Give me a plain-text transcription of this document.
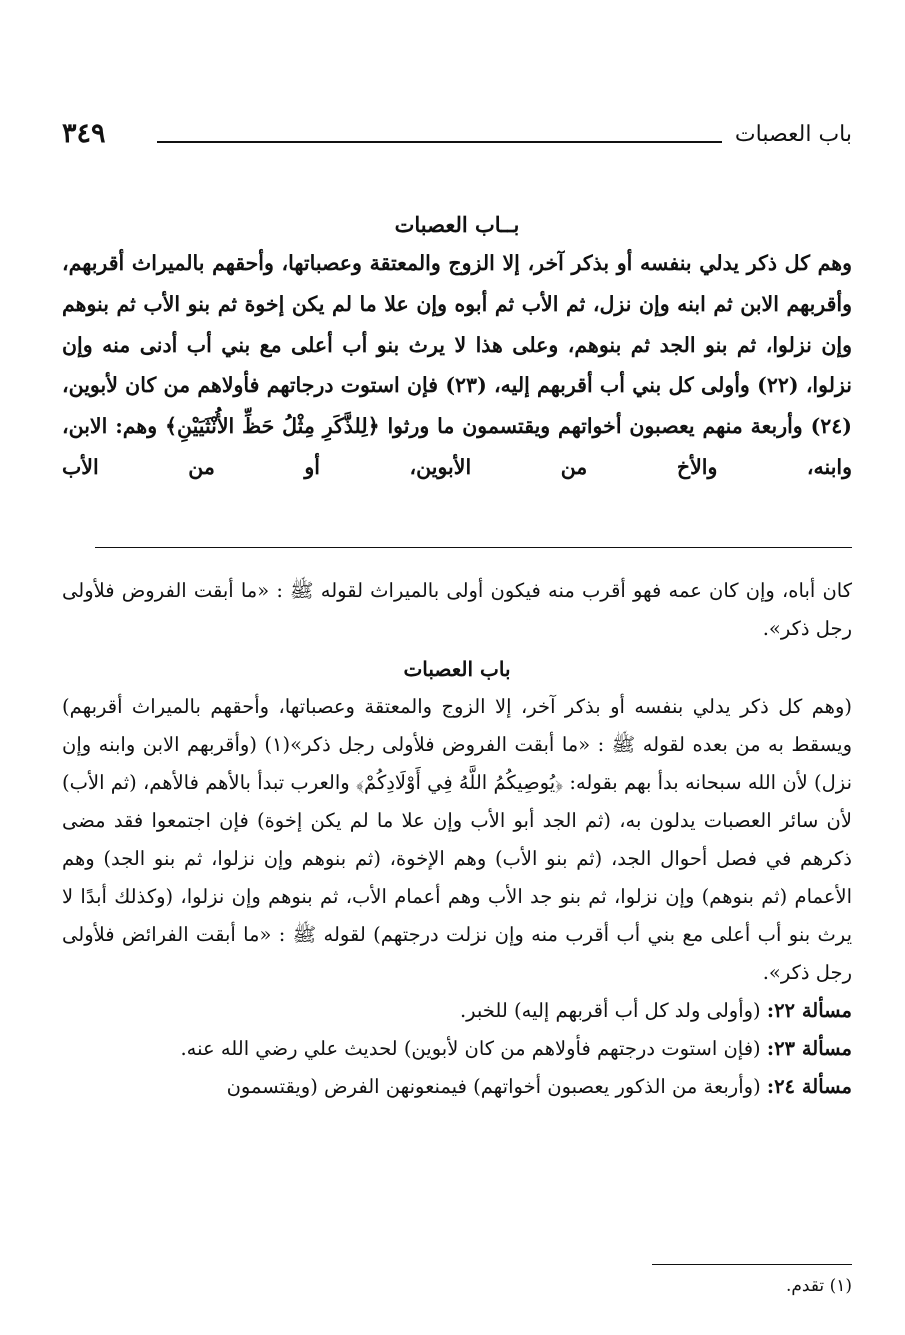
باب العصبات
٣٤٩
بــاب العصبات

وهم كل ذكر يدلي بنفسه أو بذكر آخر، إلا الزوج والمعتقة وعصباتها، وأحقهم بالميراث أقربهم، وأقربهم الابن ثم ابنه وإن نزل، ثم الأب ثم أبوه وإن علا ما لم يكن إخوة ثم بنو الأب ثم بنوهم وإن نزلوا، ثم بنو الجد ثم بنوهم، وعلى هذا لا يرث بنو أب أعلى مع بني أب أدنى منه وإن نزلوا، (٢٢) وأولى كل بني أب أقربهم إليه، (٢٣) فإن استوت درجاتهم فأولاهم من كان لأبوين، (٢٤) وأربعة منهم يعصبون أخواتهم ويقتسمون ما ورثوا ﴿لِلذَّكَرِ مِثْلُ حَظِّ الأُنْثَيَيْنِ﴾ وهم: الابن، وابنه، والأخ من الأبوين، أو من الأب

كان أباه، وإن كان عمه فهو أقرب منه فيكون أولى بالميراث لقوله ﷺ : «ما أبقت الفروض فلأولى رجل ذكر».

باب العصبات

(وهم كل ذكر يدلي بنفسه أو بذكر آخر، إلا الزوج والمعتقة وعصباتها، وأحقهم بالميراث أقربهم) ويسقط به من بعده لقوله ﷺ : «ما أبقت الفروض فلأولى رجل ذكر»(١) (وأقربهم الابن وابنه وإن نزل) لأن الله سبحانه بدأ بهم بقوله: ﴿يُوصِيكُمُ اللَّهُ فِي أَوْلَادِكُمْ﴾ والعرب تبدأ بالأهم فالأهم، (ثم الأب) لأن سائر العصبات يدلون به، (ثم الجد أبو الأب وإن علا ما لم يكن إخوة) فإن اجتمعوا فقد مضى ذكرهم في فصل أحوال الجد، (ثم بنو الأب) وهم الإخوة، (ثم بنوهم وإن نزلوا، ثم بنو الجد) وهم الأعمام (ثم بنوهم) وإن نزلوا، ثم بنو جد الأب وهم أعمام الأب، ثم بنوهم وإن نزلوا، (وكذلك أبدًا لا يرث بنو أب أعلى مع بني أب أقرب منه وإن نزلت درجتهم) لقوله ﷺ : «ما أبقت الفرائض فلأولى رجل ذكر».

مسألة ٢٢: (وأولى ولد كل أب أقربهم إليه) للخبر.

مسألة ٢٣: (فإن استوت درجتهم فأولاهم من كان لأبوين) لحديث علي رضي الله عنه.

مسألة ٢٤: (وأربعة من الذكور يعصبون أخواتهم) فيمنعونهن الفرض (ويقتسمون

(١) تقدم.
